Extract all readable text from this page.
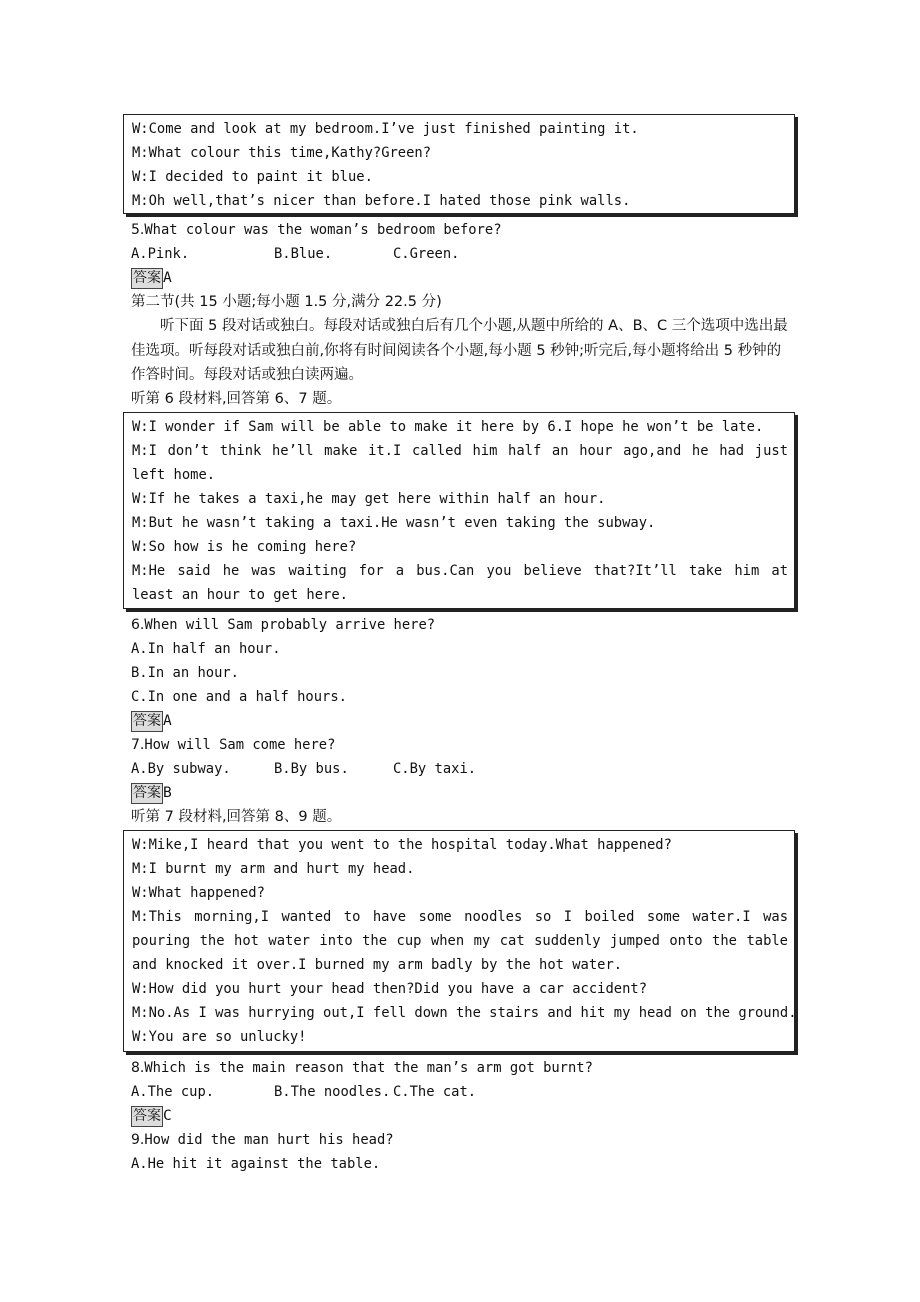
W:Come and look at my bedroom.I’ve just finished painting it.
M:What colour this time,Kathy?Green?
W:I decided to paint it blue.
M:Oh well,that’s nicer than before.I hated those pink walls.
5.What colour was the woman’s bedroom before?
A.Pink.	B.Blue.	C.Green.
答案 A
第二节(共 15 小题;每小题 1.5 分,满分 22.5 分)
听下面 5 段对话或独白。每段对话或独白后有几个小题,从题中所给的 A、B、C 三个选项中选出最佳选项。听每段对话或独白前,你将有时间阅读各个小题,每小题 5 秒钟;听完后,每小题将给出 5 秒钟的作答时间。每段对话或独白读两遍。
听第 6 段材料,回答第 6、7 题。
W:I wonder if Sam will be able to make it here by 6.I hope he won’t be late.
M:I don’t think he’ll make it.I called him half an hour ago,and he had just left home.
W:If he takes a taxi,he may get here within half an hour.
M:But he wasn’t taking a taxi.He wasn’t even taking the subway.
W:So how is he coming here?
M:He said he was waiting for a bus.Can you believe that?It’ll take him at least an hour to get here.
6.When will Sam probably arrive here?
A.In half an hour.
B.In an hour.
C.In one and a half hours.
答案 A
7.How will Sam come here?
A.By subway.	B.By bus.	C.By taxi.
答案 B
听第 7 段材料,回答第 8、9 题。
W:Mike,I heard that you went to the hospital today.What happened?
M:I burnt my arm and hurt my head.
W:What happened?
M:This morning,I wanted to have some noodles so I boiled some water.I was pouring the hot water into the cup when my cat suddenly jumped onto the table and knocked it over.I burned my arm badly by the hot water.
W:How did you hurt your head then?Did you have a car accident?
M:No.As I was hurrying out,I fell down the stairs and hit my head on the ground.
W:You are so unlucky!
8.Which is the main reason that the man’s arm got burnt?
A.The cup.	B.The noodles. C.The cat.
答案 C
9.How did the man hurt his head?
A.He hit it against the table.
